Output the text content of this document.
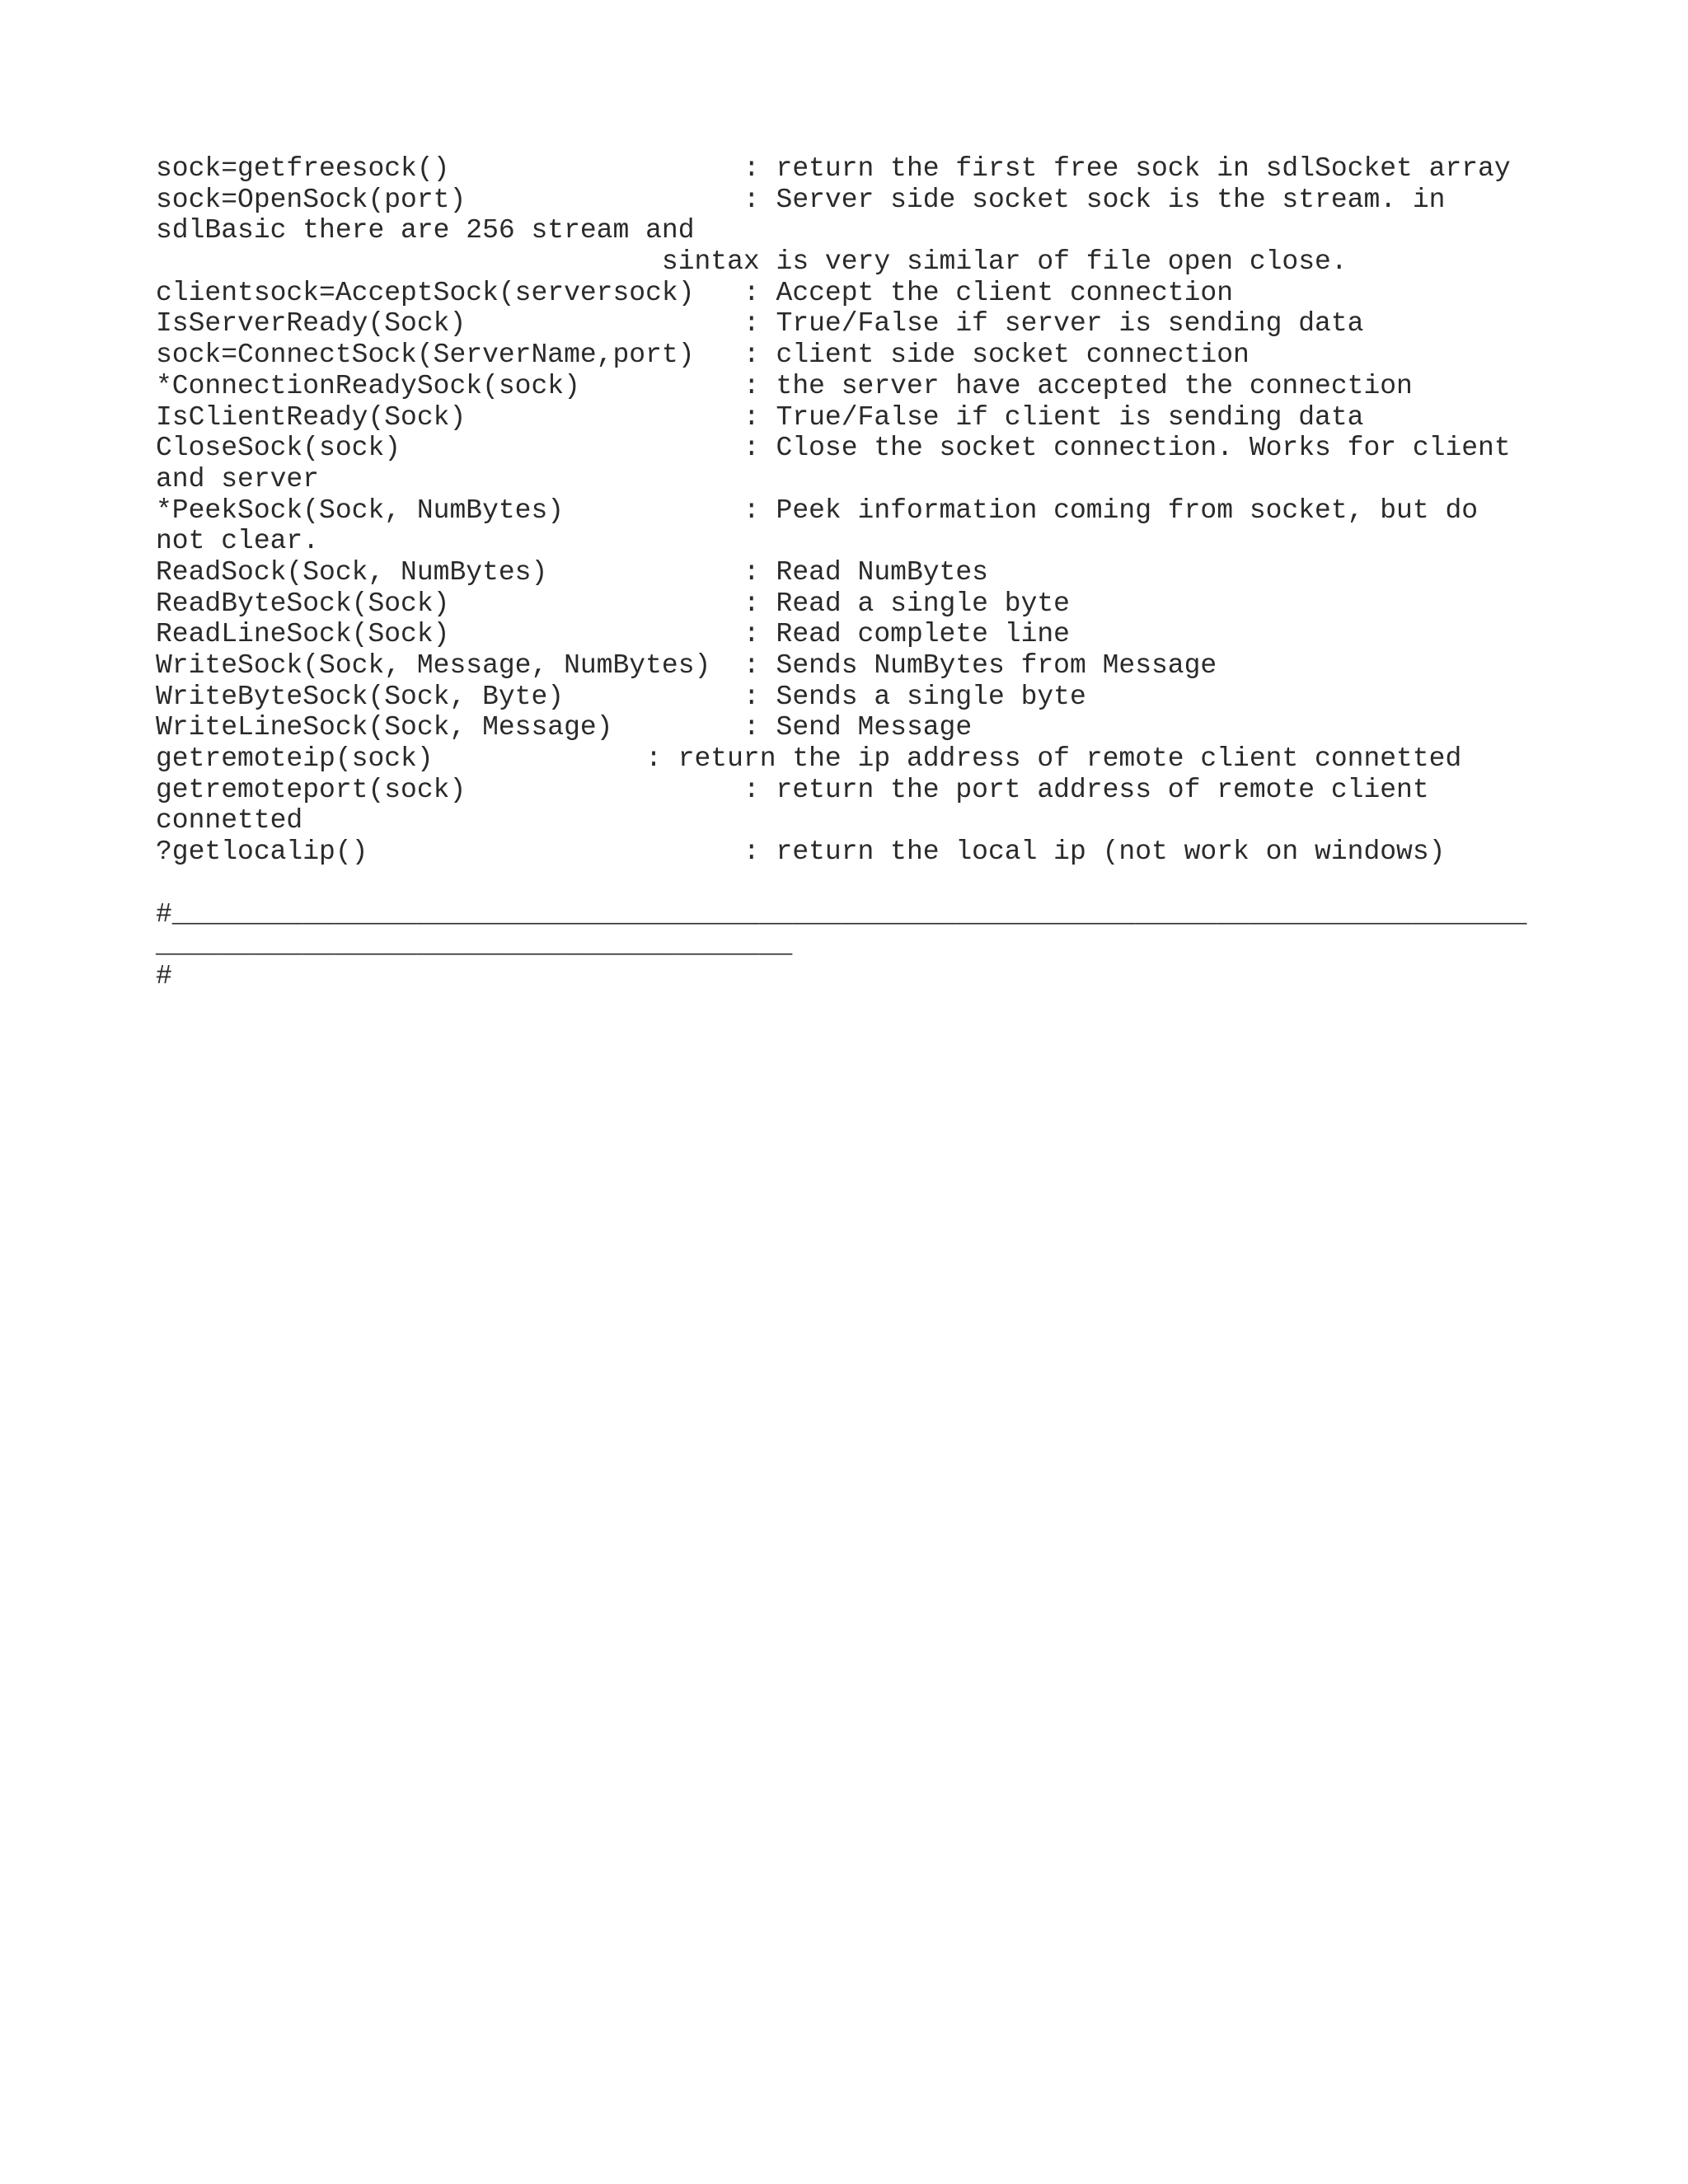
sock=getfreesock()                  : return the first free sock in sdlSocket array
sock=OpenSock(port)                 : Server side socket sock is the stream. in
sdlBasic there are 256 stream and
sintax is very similar of file open close.
clientsock=AcceptSock(serversock)   : Accept the client connection
IsServerReady(Sock)                 : True/False if server is sending data
sock=ConnectSock(ServerName,port)   : client side socket connection
*ConnectionReadySock(sock)          : the server have accepted the connection
IsClientReady(Sock)                 : True/False if client is sending data
CloseSock(sock)                     : Close the socket connection. Works for client
and server
*PeekSock(Sock, NumBytes)           : Peek information coming from socket, but do
not clear.
ReadSock(Sock, NumBytes)            : Read NumBytes
ReadByteSock(Sock)                  : Read a single byte
ReadLineSock(Sock)                  : Read complete line
WriteSock(Sock, Message, NumBytes)  : Sends NumBytes from Message
WriteByteSock(Sock, Byte)           : Sends a single byte
WriteLineSock(Sock, Message)        : Send Message
getremoteip(sock)             : return the ip address of remote client connetted
getremoteport(sock)                 : return the port address of remote client
connetted
?getlocalip()                       : return the local ip (not work on windows)
#___________________________________________________________________________________
_______________________________________
#
